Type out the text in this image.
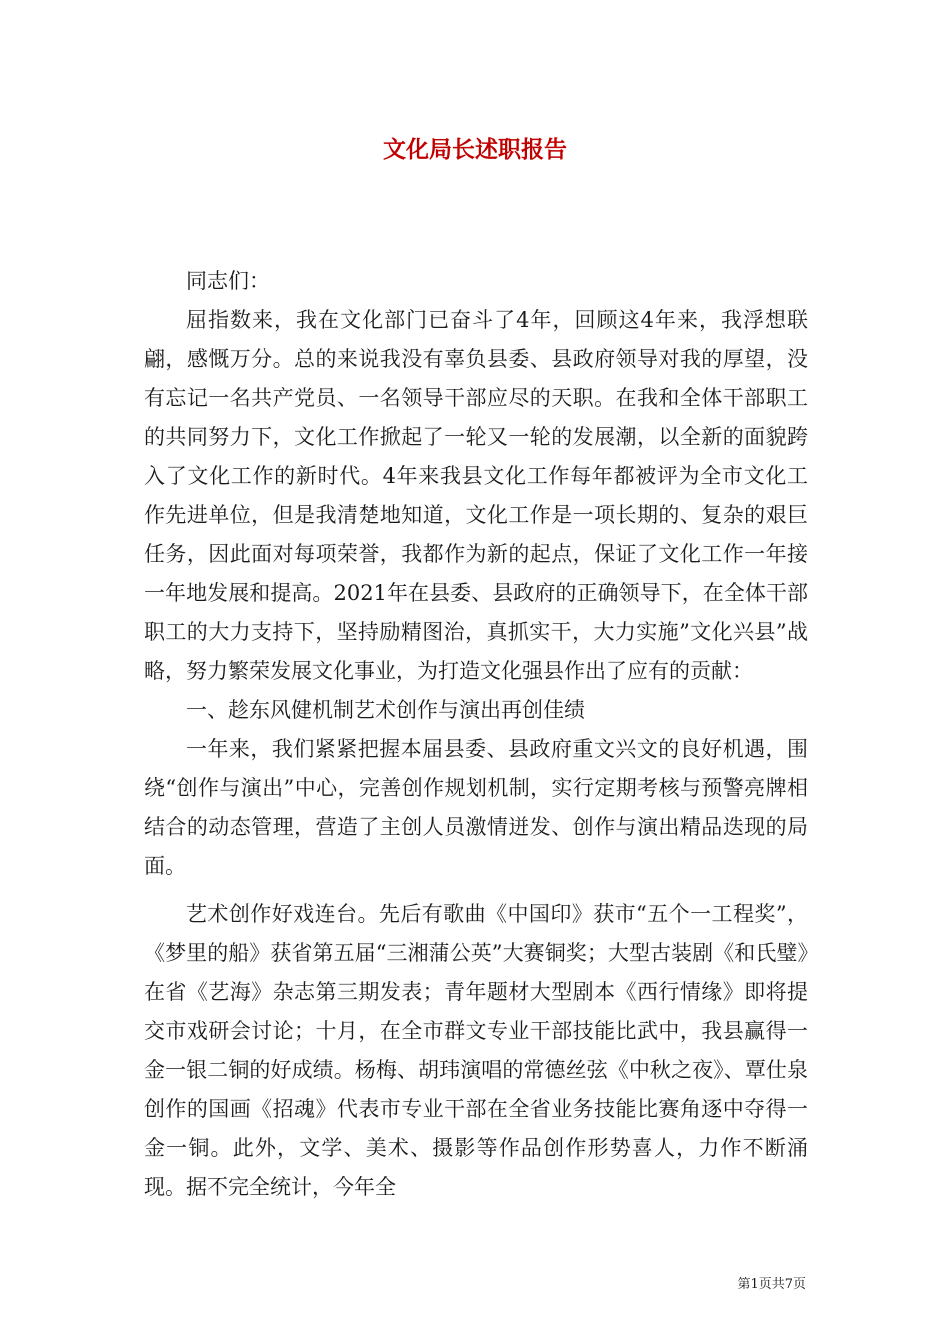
文化局长述职报告

同志们：

屈指数来，我在文化部门已奋斗了4年，回顾这4年来，我浮想联翩，感慨万分。总的来说我没有辜负县委、县政府领导对我的厚望，没有忘记一名共产党员、一名领导干部应尽的天职。在我和全体干部职工的共同努力下，文化工作掀起了一轮又一轮的发展潮，以全新的面貌跨入了文化工作的新时代。4年来我县文化工作每年都被评为全市文化工作先进单位，但是我清楚地知道，文化工作是一项长期的、复杂的艰巨任务，因此面对每项荣誉，我都作为新的起点，保证了文化工作一年接一年地发展和提高。2021年在县委、县政府的正确领导下，在全体干部职工的大力支持下，坚持励精图治，真抓实干，大力实施”文化兴县”战略，努力繁荣发展文化事业，为打造文化强县作出了应有的贡献：

一、趁东风健机制艺术创作与演出再创佳绩

一年来，我们紧紧把握本届县委、县政府重文兴文的良好机遇，围绕“创作与演出”中心，完善创作规划机制，实行定期考核与预警亮牌相结合的动态管理，营造了主创人员激情迸发、创作与演出精品迭现的局面。

艺术创作好戏连台。先后有歌曲《中国印》获市“五个一工程奖”，《梦里的船》获省第五届“三湘蒲公英”大赛铜奖；大型古装剧《和氏璧》在省《艺海》杂志第三期发表；青年题材大型剧本《西行情缘》即将提交市戏研会讨论；十月，在全市群文专业干部技能比武中，我县赢得一金一银二铜的好成绩。杨梅、胡玮演唱的常德丝弦《中秋之夜》、覃仕泉创作的国画《招魂》代表市专业干部在全省业务技能比赛角逐中夺得一金一铜。此外，文学、美术、摄影等作品创作形势喜人，力作不断涌现。据不完全统计，今年全

第1页共7页
